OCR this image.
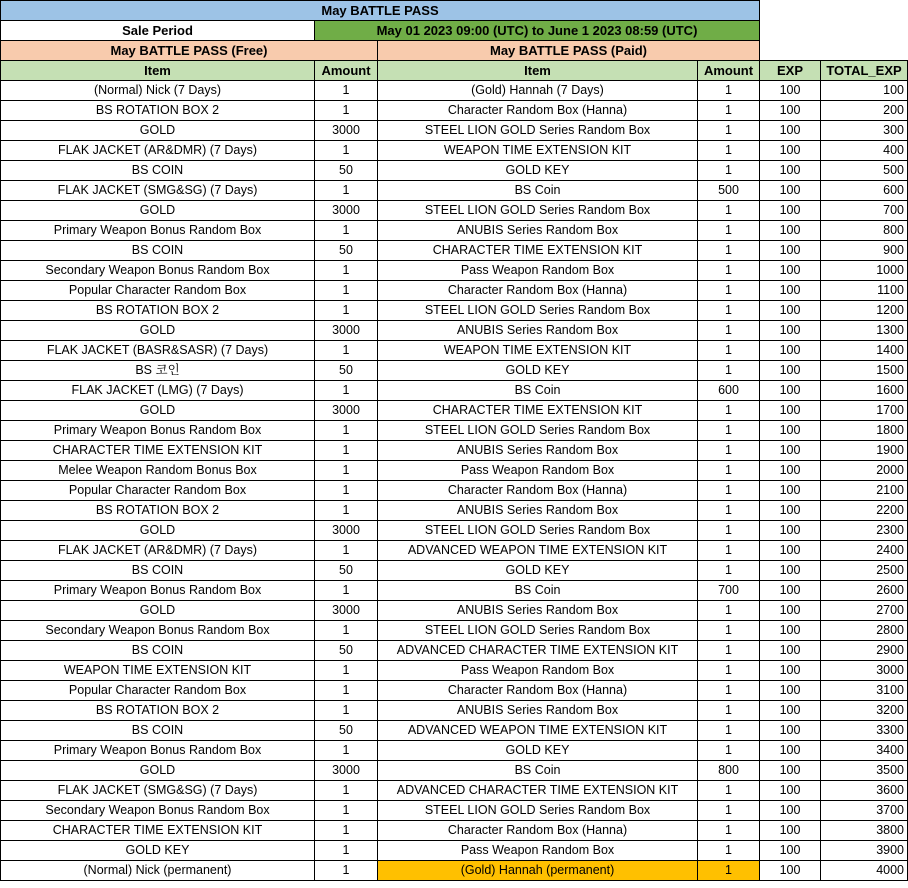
May BATTLE PASS					
Sale Period	May 01 2023 09:00 (UTC) to June 1 2023 08:59 (UTC)				
May BATTLE PASS (Free)		May BATTLE PASS (Paid)			
Item	Amount	Item	Amount	EXP	TOTAL_EXP
(Normal) Nick (7 Days)	1	(Gold) Hannah (7 Days)	1	100	100
BS ROTATION BOX 2	1	Character Random Box (Hanna)	1	100	200
GOLD	3000	STEEL LION GOLD Series Random Box	1	100	300
FLAK JACKET (AR&DMR) (7 Days)	1	WEAPON TIME EXTENSION KIT	1	100	400
BS COIN	50	GOLD KEY	1	100	500
FLAK JACKET (SMG&SG) (7 Days)	1	BS Coin	500	100	600
GOLD	3000	STEEL LION GOLD Series Random Box	1	100	700
Primary Weapon Bonus Random Box	1	ANUBIS Series Random Box	1	100	800
BS COIN	50	CHARACTER TIME EXTENSION KIT	1	100	900
Secondary Weapon Bonus Random Box	1	Pass Weapon Random Box	1	100	1000
Popular Character Random Box	1	Character Random Box (Hanna)	1	100	1100
BS ROTATION BOX 2	1	STEEL LION GOLD Series Random Box	1	100	1200
GOLD	3000	ANUBIS Series Random Box	1	100	1300
FLAK JACKET (BASR&SASR) (7 Days)	1	WEAPON TIME EXTENSION KIT	1	100	1400
BS 코인	50	GOLD KEY	1	100	1500
FLAK JACKET (LMG) (7 Days)	1	BS Coin	600	100	1600
GOLD	3000	CHARACTER TIME EXTENSION KIT	1	100	1700
Primary Weapon Bonus Random Box	1	STEEL LION GOLD Series Random Box	1	100	1800
CHARACTER TIME EXTENSION KIT	1	ANUBIS Series Random Box	1	100	1900
Melee Weapon Random Bonus Box	1	Pass Weapon Random Box	1	100	2000
Popular Character Random Box	1	Character Random Box (Hanna)	1	100	2100
BS ROTATION BOX 2	1	ANUBIS Series Random Box	1	100	2200
GOLD	3000	STEEL LION GOLD Series Random Box	1	100	2300
FLAK JACKET (AR&DMR) (7 Days)	1	ADVANCED WEAPON TIME EXTENSION KIT	1	100	2400
BS COIN	50	GOLD KEY	1	100	2500
Primary Weapon Bonus Random Box	1	BS Coin	700	100	2600
GOLD	3000	ANUBIS Series Random Box	1	100	2700
Secondary Weapon Bonus Random Box	1	STEEL LION GOLD Series Random Box	1	100	2800
BS COIN	50	ADVANCED CHARACTER TIME EXTENSION KIT	1	100	2900
WEAPON TIME EXTENSION KIT	1	Pass Weapon Random Box	1	100	3000
Popular Character Random Box	1	Character Random Box (Hanna)	1	100	3100
BS ROTATION BOX 2	1	ANUBIS Series Random Box	1	100	3200
BS COIN	50	ADVANCED WEAPON TIME EXTENSION KIT	1	100	3300
Primary Weapon Bonus Random Box	1	GOLD KEY	1	100	3400
GOLD	3000	BS Coin	800	100	3500
FLAK JACKET (SMG&SG) (7 Days)	1	ADVANCED CHARACTER TIME EXTENSION KIT	1	100	3600
Secondary Weapon Bonus Random Box	1	STEEL LION GOLD Series Random Box	1	100	3700
CHARACTER TIME EXTENSION KIT	1	Character Random Box (Hanna)	1	100	3800
GOLD KEY	1	Pass Weapon Random Box	1	100	3900
(Normal) Nick (permanent)	1	(Gold) Hannah (permanent)	1	100	4000
